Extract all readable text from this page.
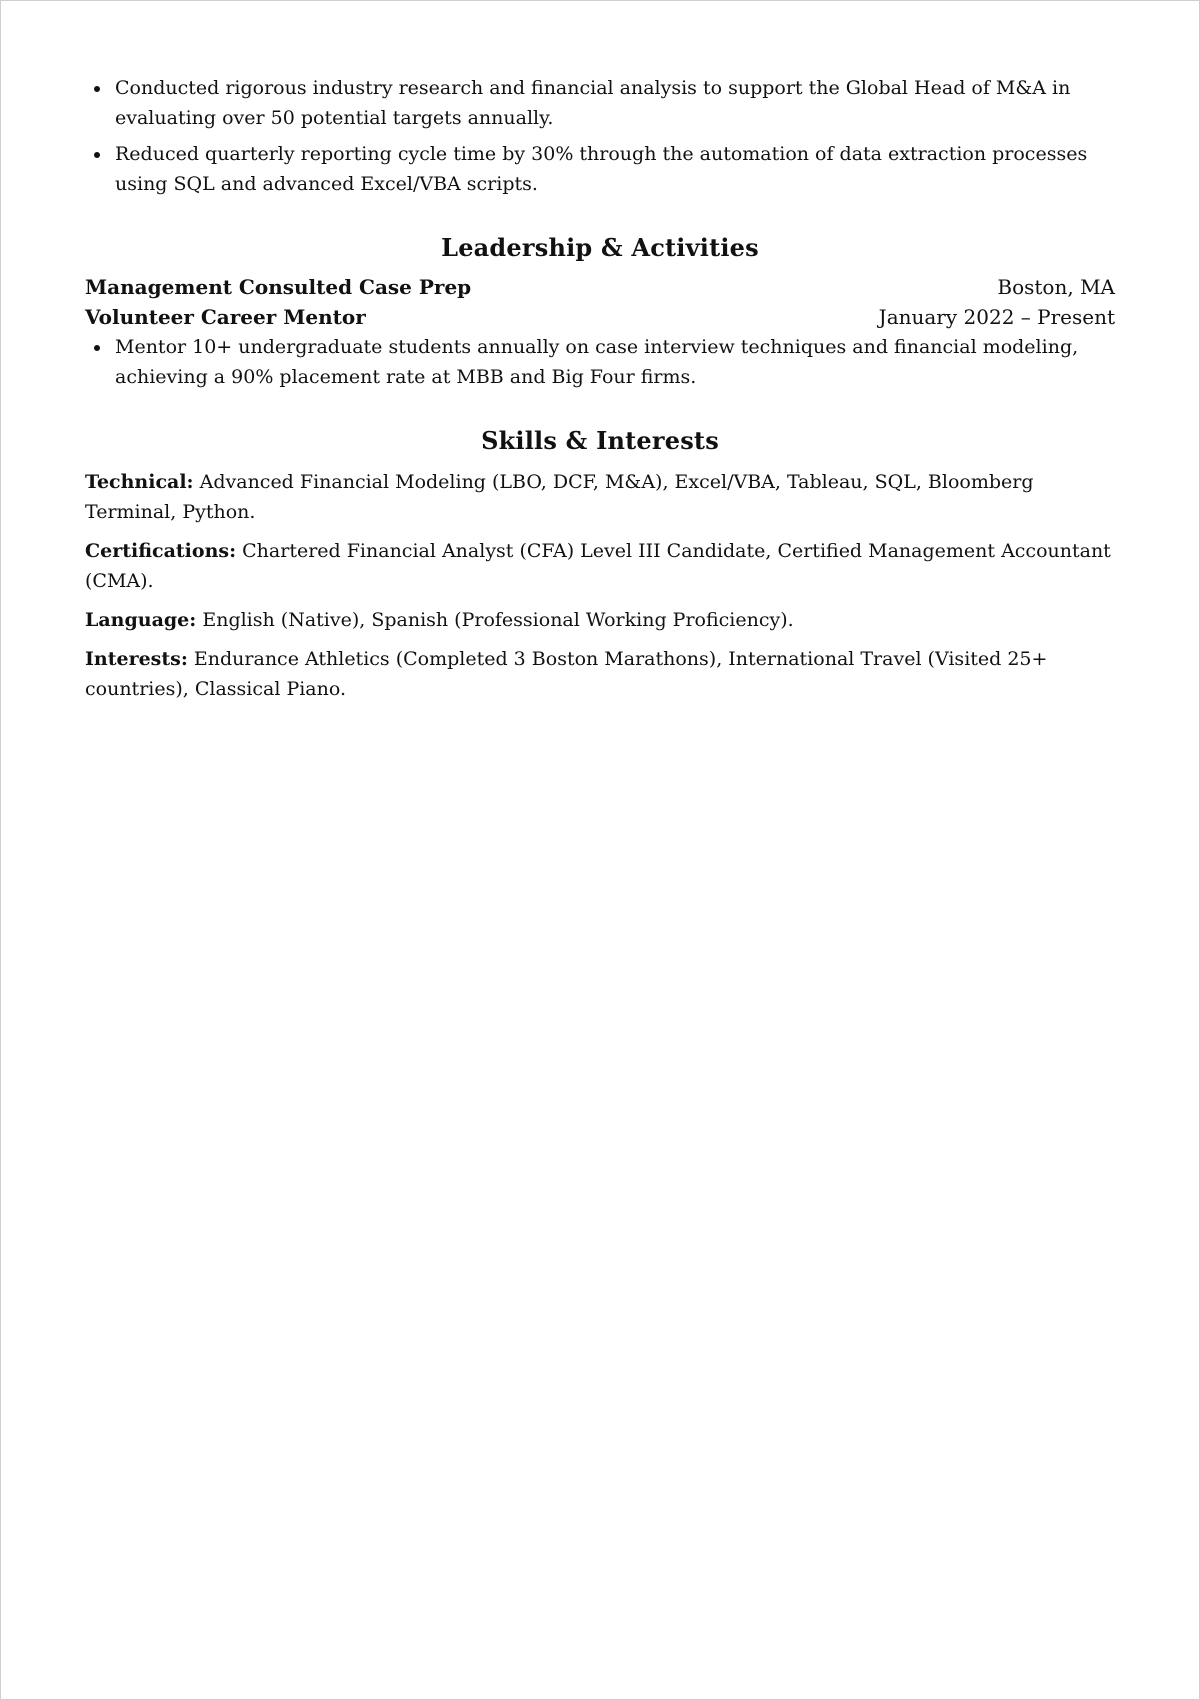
Conducted rigorous industry research and financial analysis to support the Global Head of M&A in evaluating over 50 potential targets annually.
Reduced quarterly reporting cycle time by 30% through the automation of data extraction processes using SQL and advanced Excel/VBA scripts.
Leadership & Activities
Management Consulted Case Prep	Boston, MA
Volunteer Career Mentor	January 2022 – Present
Mentor 10+ undergraduate students annually on case interview techniques and financial modeling, achieving a 90% placement rate at MBB and Big Four firms.
Skills & Interests

Technical: Advanced Financial Modeling (LBO, DCF, M&A), Excel/VBA, Tableau, SQL, Bloomberg Terminal, Python.

Certifications: Chartered Financial Analyst (CFA) Level III Candidate, Certified Management Accountant (CMA).

Language: English (Native), Spanish (Professional Working Proficiency).

Interests: Endurance Athletics (Completed 3 Boston Marathons), International Travel (Visited 25+ countries), Classical Piano.
